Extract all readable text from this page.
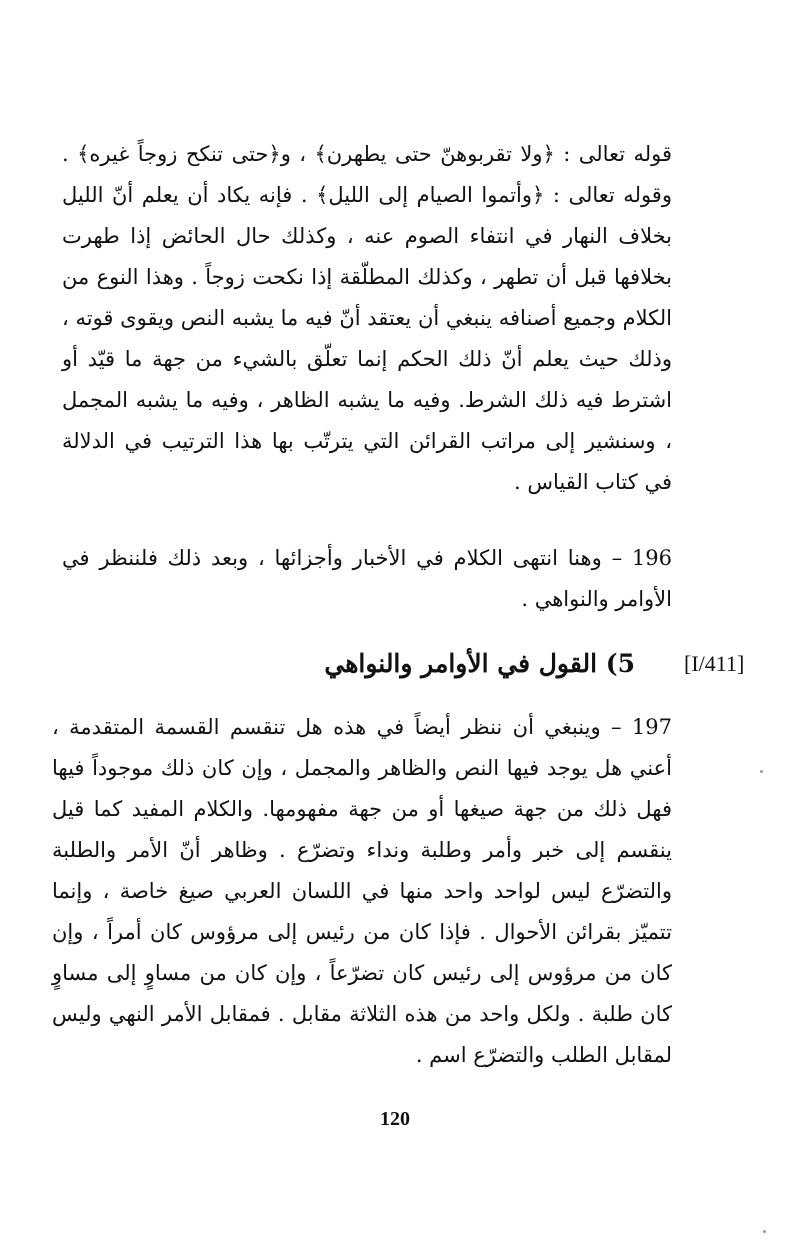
قوله تعالى : ﴿ولا تقربوهنّ حتى يطهرن﴾ ، و﴿حتى تنكح زوجاً غيره﴾ . وقوله تعالى : ﴿وأتموا الصيام إلى الليل﴾ . فإنه يكاد أن يعلم أنّ الليل بخلاف النهار في انتفاء الصوم عنه ، وكذلك حال الحائض إذا طهرت بخلافها قبل أن تطهر ، وكذلك المطلّقة إذا نكحت زوجاً . وهذا النوع من الكلام وجميع أصنافه ينبغي أن يعتقد أنّ فيه ما يشبه النص ويقوى قوته ، وذلك حيث يعلم أنّ ذلك الحكم إنما تعلّق بالشيء من جهة ما قيّد أو اشترط فيه ذلك الشرط. وفيه ما يشبه الظاهر ، وفيه ما يشبه المجمل ، وسنشير إلى مراتب القرائن التي يترتّب بها هذا الترتيب في الدلالة في كتاب القياس .
196 – وهنا انتهى الكلام في الأخبار وأجزائها ، وبعد ذلك فلننظر في الأوامر والنواهي .
[I/411]
5) القول في الأوامر والنواهي
197 – وينبغي أن ننظر أيضاً في هذه هل تنقسم القسمة المتقدمة ، أعني هل يوجد فيها النص والظاهر والمجمل ، وإن كان ذلك موجوداً فيها فهل ذلك من جهة صيغها أو من جهة مفهومها. والكلام المفيد كما قيل ينقسم إلى خبر وأمر وطلبة ونداء وتضرّع . وظاهر أنّ الأمر والطلبة والتضرّع ليس لواحد واحد منها في اللسان العربي صيغ خاصة ، وإنما تتميّز بقرائن الأحوال . فإذا كان من رئيس إلى مرؤوس كان أمراً ، وإن كان من مرؤوس إلى رئيس كان تضرّعاً ، وإن كان من مساوٍ إلى مساوٍ كان طلبة . ولكل واحد من هذه الثلاثة مقابل . فمقابل الأمر النهي وليس لمقابل الطلب والتضرّع اسم .
120
